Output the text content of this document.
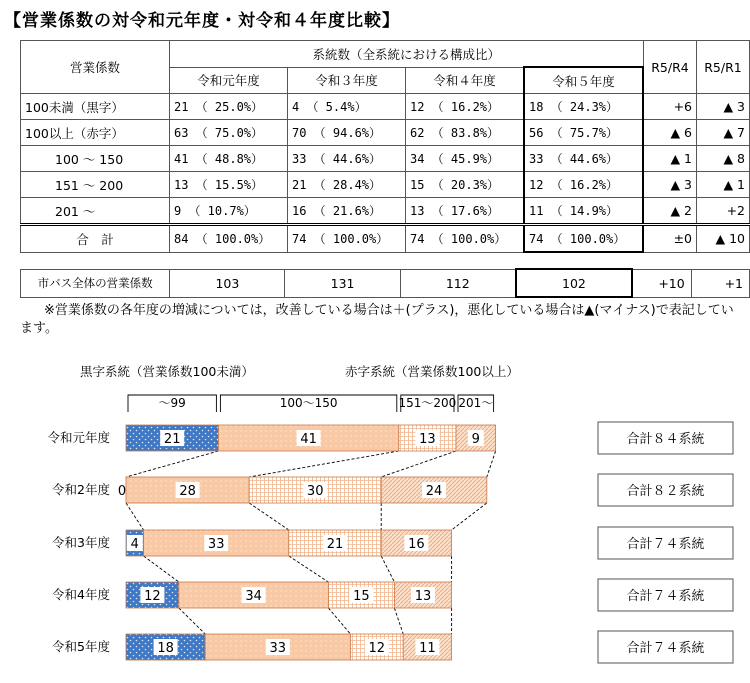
【営業係数の対令和元年度・対令和４年度比較】
営業係数	系統数（全系統における構成比）				R5/R4	R5/R1
	令和元年度	令和３年度	令和４年度	令和５年度		
100未満（黒字）	21 （ 25.0%）	4 （ 5.4%）	12 （ 16.2%）	18 （ 24.3%）	+6	▲ 3
100以上（赤字）	63 （ 75.0%）	70 （ 94.6%）	62 （ 83.8%）	56 （ 75.7%）	▲ 6	▲ 7
100 ～ 150	41 （ 48.8%）	33 （ 44.6%）	34 （ 45.9%）	33 （ 44.6%）	▲ 1	▲ 8
151 ～ 200	13 （ 15.5%）	21 （ 28.4%）	15 （ 20.3%）	12 （ 16.2%）	▲ 3	▲ 1
201 ～	9 （ 10.7%）	16 （ 21.6%）	13 （ 17.6%）	11 （ 14.9%）	▲ 2	+2
合　計	84 （ 100.0%）	74 （ 100.0%）	74 （ 100.0%）	74 （ 100.0%）	±0	▲ 10
市バス全体の営業係数	103	131	112	102	+10	+1
※営業係数の各年度の増減については，改善している場合は＋(プラス)，悪化している場合は▲(マイナス)で表記しています。
黒字系統（営業係数100未満）	赤字系統（営業係数100以上）
～99	100～150	151～200 201～
令和元年度	21	41	13	9	合計８４系統
令和2年度 0	28	30	24	合計８２系統
令和3年度 4	33	21	16	合計７４系統
令和4年度	12	34	15	13	合計７４系統
令和5年度	18	33	12	11	合計７４系統
